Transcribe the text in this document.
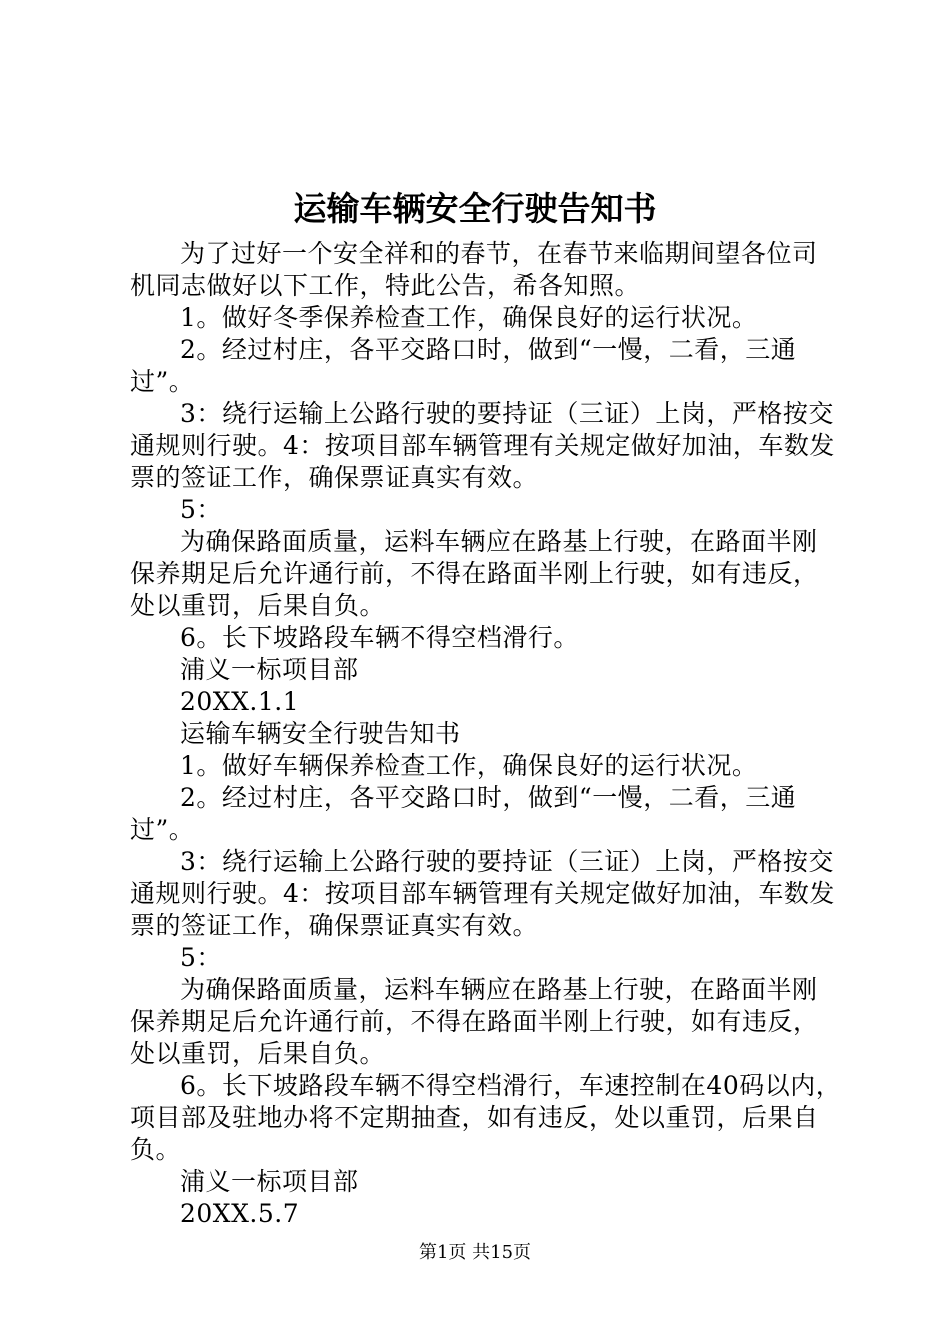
运输车辆安全行驶告知书

为了过好一个安全祥和的春节，在春节来临期间望各位司机同志做好以下工作，特此公告，希各知照。

1。做好冬季保养检查工作，确保良好的运行状况。

2。经过村庄，各平交路口时，做到“一慢，二看，三通过”。

3：绕行运输上公路行驶的要持证（三证）上岗，严格按交通规则行驶。4：按项目部车辆管理有关规定做好加油，车数发票的签证工作，确保票证真实有效。

5：

为确保路面质量，运料车辆应在路基上行驶，在路面半刚保养期足后允许通行前，不得在路面半刚上行驶，如有违反，处以重罚，后果自负。

6。长下坡路段车辆不得空档滑行。

浦义一标项目部

20XX.1.1

运输车辆安全行驶告知书

1。做好车辆保养检查工作，确保良好的运行状况。

2。经过村庄，各平交路口时，做到“一慢，二看，三通过”。

3：绕行运输上公路行驶的要持证（三证）上岗，严格按交通规则行驶。4：按项目部车辆管理有关规定做好加油，车数发票的签证工作，确保票证真实有效。

5：

为确保路面质量，运料车辆应在路基上行驶，在路面半刚保养期足后允许通行前，不得在路面半刚上行驶，如有违反，处以重罚，后果自负。

6。长下坡路段车辆不得空档滑行，车速控制在40码以内，项目部及驻地办将不定期抽查，如有违反，处以重罚，后果自负。

浦义一标项目部

20XX.5.7

第1页 共15页
